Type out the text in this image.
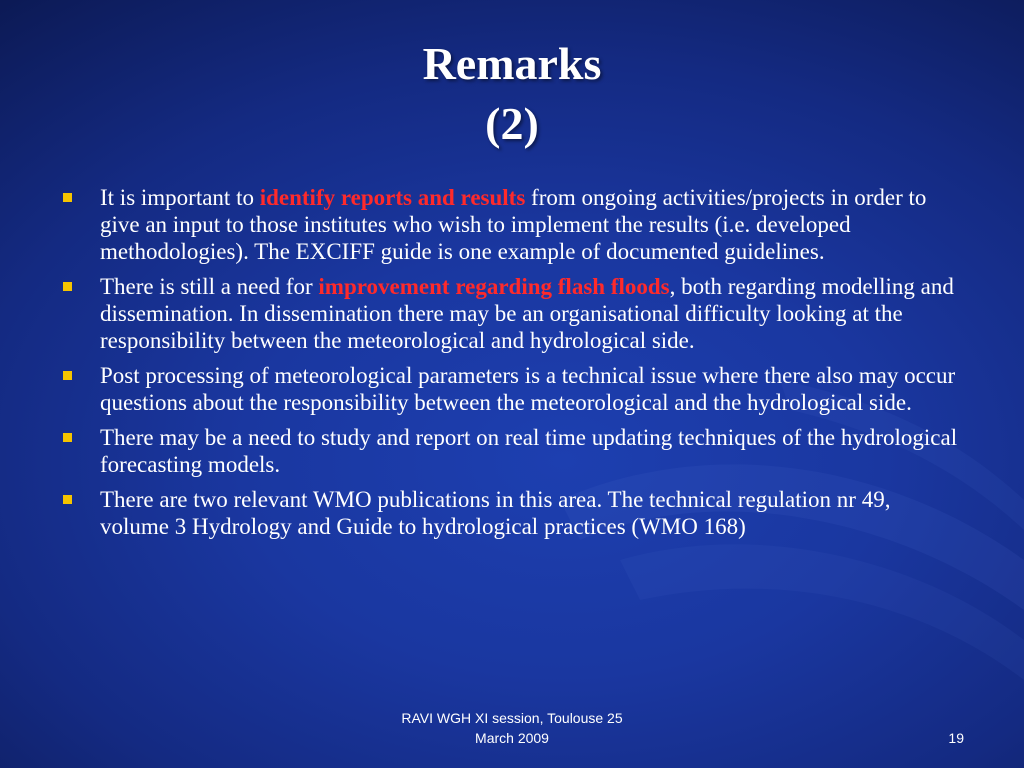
Remarks
(2)
It is important to identify reports and results from ongoing activities/projects in order to give an input to those institutes who wish to implement the results (i.e. developed methodologies). The EXCIFF guide is one example of documented guidelines.
There is still a need for improvement regarding flash floods, both regarding modelling and dissemination. In dissemination there may be an organisational difficulty looking at the responsibility between the meteorological and hydrological side.
Post processing of meteorological parameters is a technical issue where there also may occur questions about the responsibility between the meteorological and the hydrological side.
There may be a need to study and report on real time updating techniques of the hydrological forecasting models.
There are two relevant WMO publications in this area. The technical regulation nr 49, volume 3 Hydrology and Guide to hydrological practices (WMO 168)
RAVI WGH XI session, Toulouse 25
March 2009	19
